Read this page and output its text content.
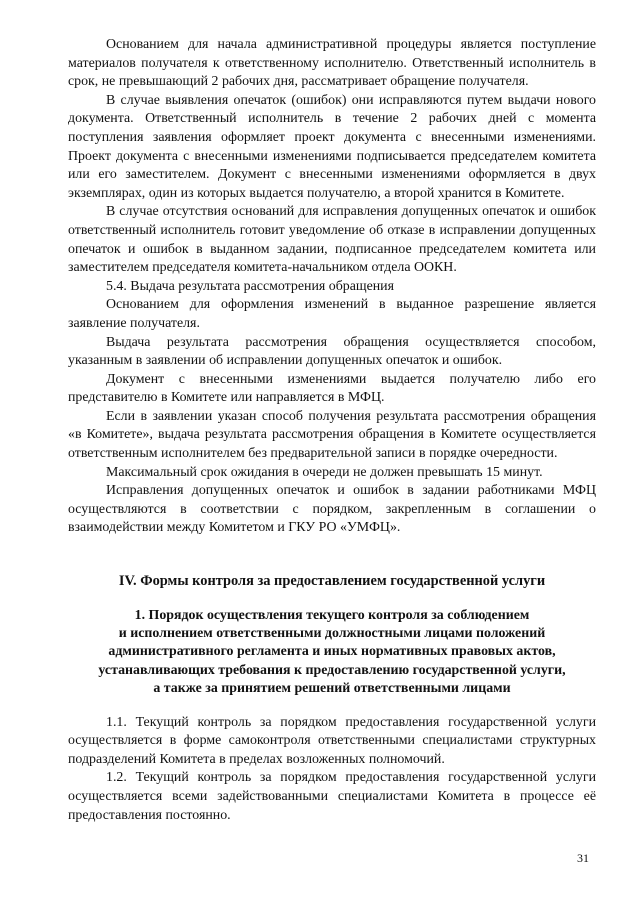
Основанием для начала административной процедуры является поступление материалов получателя к ответственному исполнителю. Ответственный исполнитель в срок, не превышающий 2 рабочих дня, рассматривает обращение получателя.

В случае выявления опечаток (ошибок) они исправляются путем выдачи нового документа. Ответственный исполнитель в течение 2 рабочих дней с момента поступления заявления оформляет проект документа с внесенными изменениями. Проект документа с внесенными изменениями подписывается председателем комитета или его заместителем. Документ с внесенными изменениями оформляется в двух экземплярах, один из которых выдается получателю, а второй хранится в Комитете.

В случае отсутствия оснований для исправления допущенных опечаток и ошибок ответственный исполнитель готовит уведомление об отказе в исправлении допущенных опечаток и ошибок в выданном задании, подписанное председателем комитета или заместителем председателя комитета-начальником отдела ООКН.

5.4. Выдача результата рассмотрения обращения

Основанием для оформления изменений в выданное разрешение является заявление получателя.

Выдача результата рассмотрения обращения осуществляется способом, указанным в заявлении об исправлении допущенных опечаток и ошибок.

Документ с внесенными изменениями выдается получателю либо его представителю в Комитете или направляется в МФЦ.

Если в заявлении указан способ получения результата рассмотрения обращения «в Комитете», выдача результата рассмотрения обращения в Комитете осуществляется ответственным исполнителем без предварительной записи в порядке очередности.

Максимальный срок ожидания в очереди не должен превышать 15 минут.

Исправления допущенных опечаток и ошибок в задании работниками МФЦ осуществляются в соответствии с порядком, закрепленным в соглашении о взаимодействии между Комитетом и ГКУ РО «УМФЦ».

IV. Формы контроля за предоставлением государственной услуги
1. Порядок осуществления текущего контроля за соблюдением
и исполнением ответственными должностными лицами положений
административного регламента и иных нормативных правовых актов,
устанавливающих требования к предоставлению государственной услуги,
а также за принятием решений ответственными лицами

1.1. Текущий контроль за порядком предоставления государственной услуги осуществляется в форме самоконтроля ответственными специалистами структурных подразделений Комитета в пределах возложенных полномочий.

1.2. Текущий контроль за порядком предоставления государственной услуги осуществляется всеми задействованными специалистами Комитета в процессе её предоставления постоянно.

31
